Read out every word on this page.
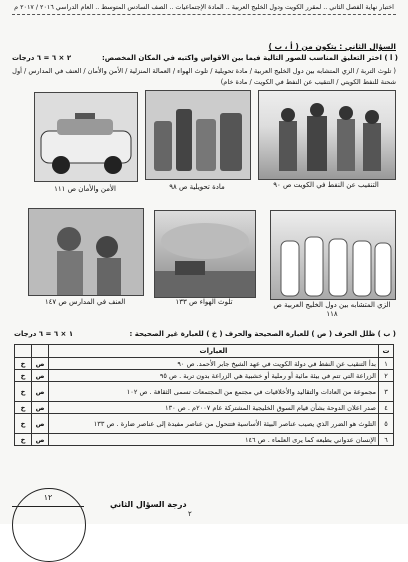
اختبار نهاية الفصل الثاني .. لمقرر الكويت ودول الخليج العربية .. المادة الإجتماعيات .. الصف السادس المتوسط .. العام الدراسي ٢٠١٦ / ٢٠١٧ م
السؤال الثاني : يتكون من ( أ ، ب )
( أ ) اختر التعليق المناسب للصور التالية فيما بين الأقواس واكتبه في المكان المخصص:
٢ × ٦ = ٦ درجات
( تلوث التربة / الزي المتشابه بين دول الخليج العربية / مادة تحويلية / تلوث الهواء / العمالة المنزلية / الأمن والأمان / العنف في المدارس / أول شحنة للنفط الكويتي / التنقيب عن النفط في الكويت / مادة خام)
التنقيب عن النفط في الكويت ص ٩٠
مادة تحويلية ص ٩٨
الأمن والأمان ص ١١١
الزي المتشابه بين دول الخليج العربية ص ١١٨
تلوث الهواء ص ١٣٣
العنف في المدارس ص ١٤٧
( ب ) ظلل الحرف ( ص ) للعبارة الصحيحة والحرف ( خ ) للعبارة غير الصحيحة :
١ × ٦ = ٦ درجات
ت	العبارات		
١	بدأ التنقيب عن النفط في دولة الكويت في عهد الشيخ جابر الأحمد. ص ٩٠	ص	خ
٢	الزراعة التي تتم في بيئة مائية أو رملية أو خشبية هي الزراعة بدون تربة . ص ٩٥	ص	خ
٣	مجموعة من العادات والتقاليد والأخلاقيات في مجتمع من المجتمعات تسمى الثقافة . ص ١٠٢	ص	خ
٤	صدر اعلان الدوحة بشأن قيام السوق الخليجية المشتركة عام ٢٠٠٧م . ص ١٣٠	ص	خ
٥	التلوث هو الضرر الذي يصيب عناصر البيئة الأساسية فتتحول من عناصر مفيدة إلى عناصر ضارة . ص ١٣٣	ص	خ
٦	الإنسان عدواني بطبعه كما يرى العلماء . ص ١٤٦	ص	خ
١٢
درجة السؤال الثاني
٢
